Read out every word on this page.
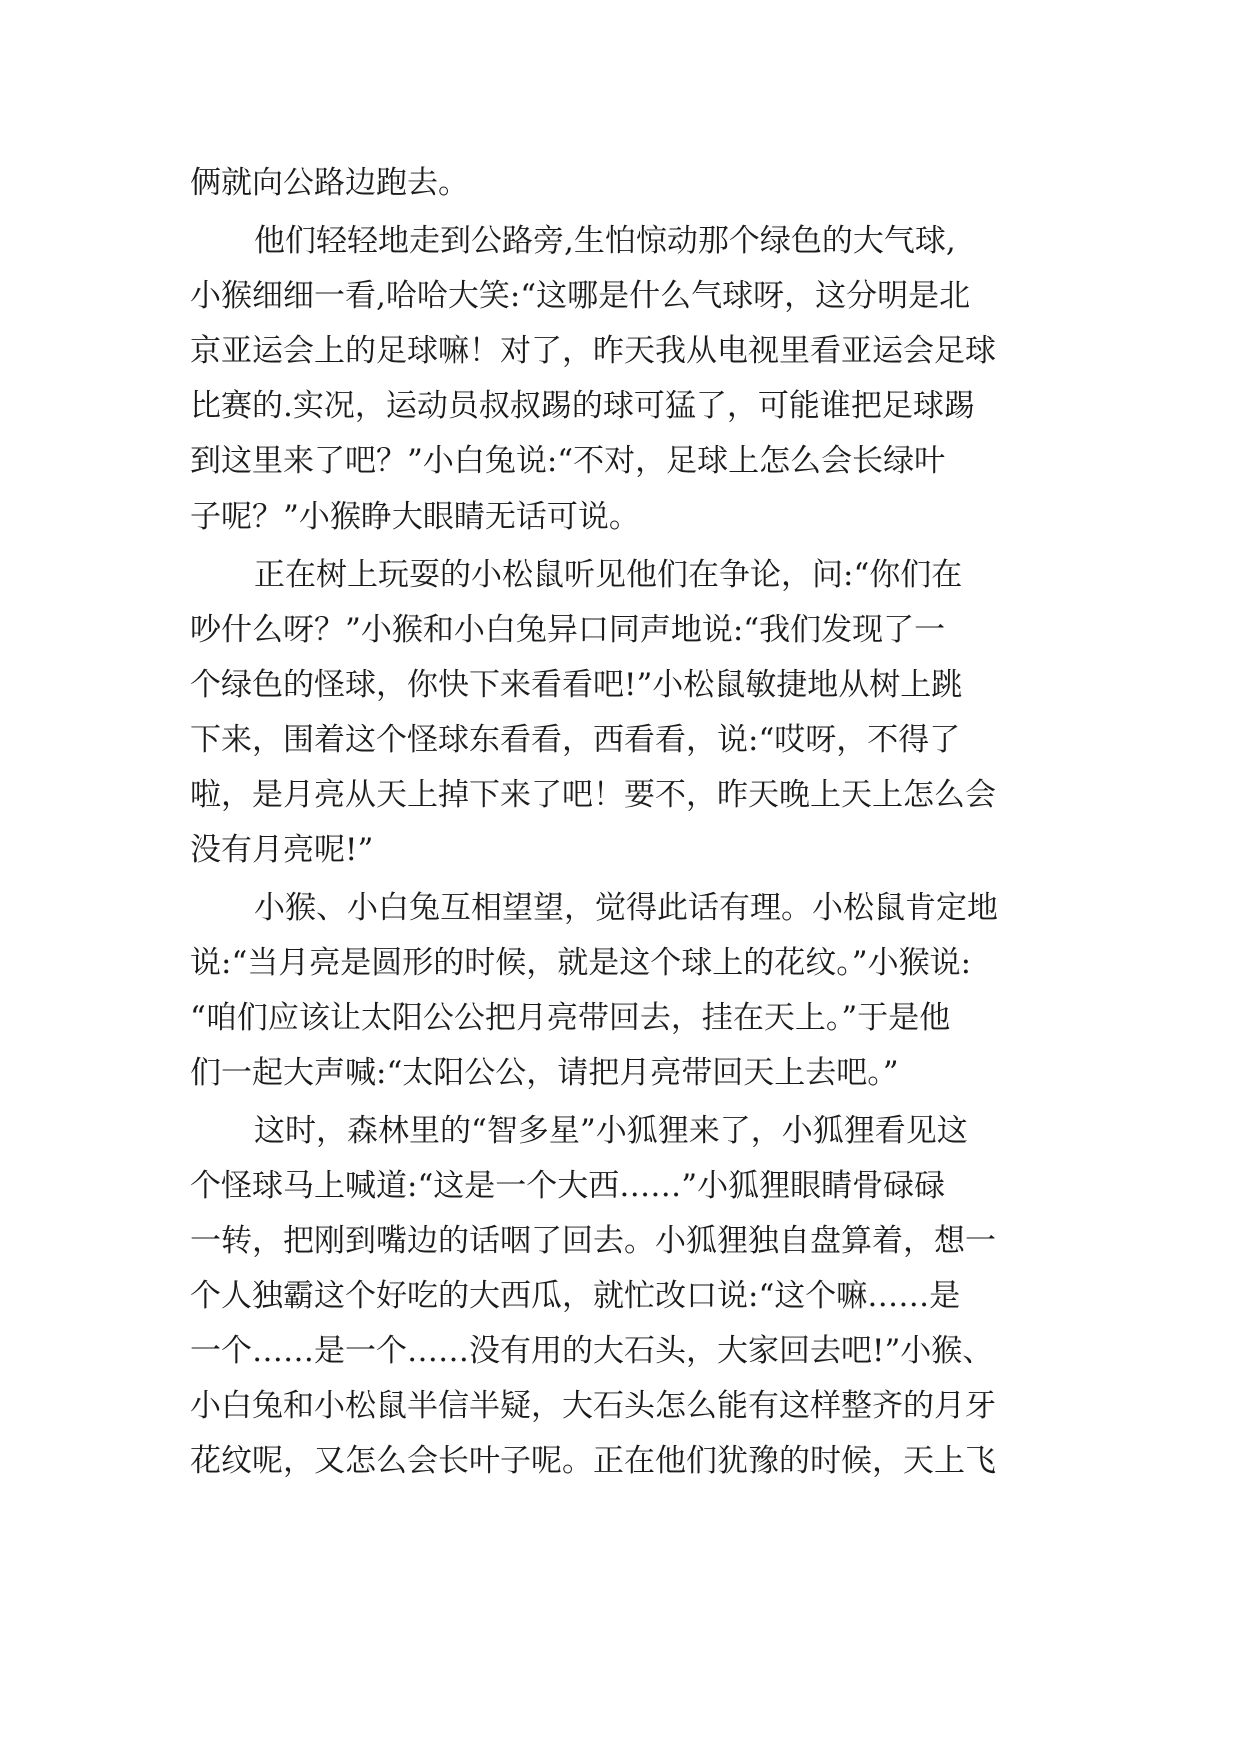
俩就向公路边跑去。

他们轻轻地走到公路旁,生怕惊动那个绿色的大气球,

小猴细细一看,哈哈大笑:“这哪是什么气球呀，这分明是北

京亚运会上的足球嘛！对了，昨天我从电视里看亚运会足球

比赛的.实况，运动员叔叔踢的球可猛了，可能谁把足球踢

到这里来了吧？”小白兔说:“不对，足球上怎么会长绿叶

子呢？”小猴睁大眼睛无话可说。

正在树上玩耍的小松鼠听见他们在争论，问:“你们在

吵什么呀？”小猴和小白兔异口同声地说:“我们发现了一

个绿色的怪球，你快下来看看吧!”小松鼠敏捷地从树上跳

下来，围着这个怪球东看看，西看看，说:“哎呀，不得了

啦，是月亮从天上掉下来了吧！要不，昨天晚上天上怎么会

没有月亮呢!”

小猴、小白兔互相望望，觉得此话有理。小松鼠肯定地

说:“当月亮是圆形的时候，就是这个球上的花纹。”小猴说:

“咱们应该让太阳公公把月亮带回去，挂在天上。”于是他

们一起大声喊:“太阳公公，请把月亮带回天上去吧。”

这时，森林里的“智多星”小狐狸来了，小狐狸看见这

个怪球马上喊道:“这是一个大西……”小狐狸眼睛骨碌碌

一转，把刚到嘴边的话咽了回去。小狐狸独自盘算着，想一

个人独霸这个好吃的大西瓜，就忙改口说:“这个嘛……是

一个……是一个……没有用的大石头，大家回去吧!”小猴、

小白兔和小松鼠半信半疑，大石头怎么能有这样整齐的月牙

花纹呢，又怎么会长叶子呢。正在他们犹豫的时候，天上飞
